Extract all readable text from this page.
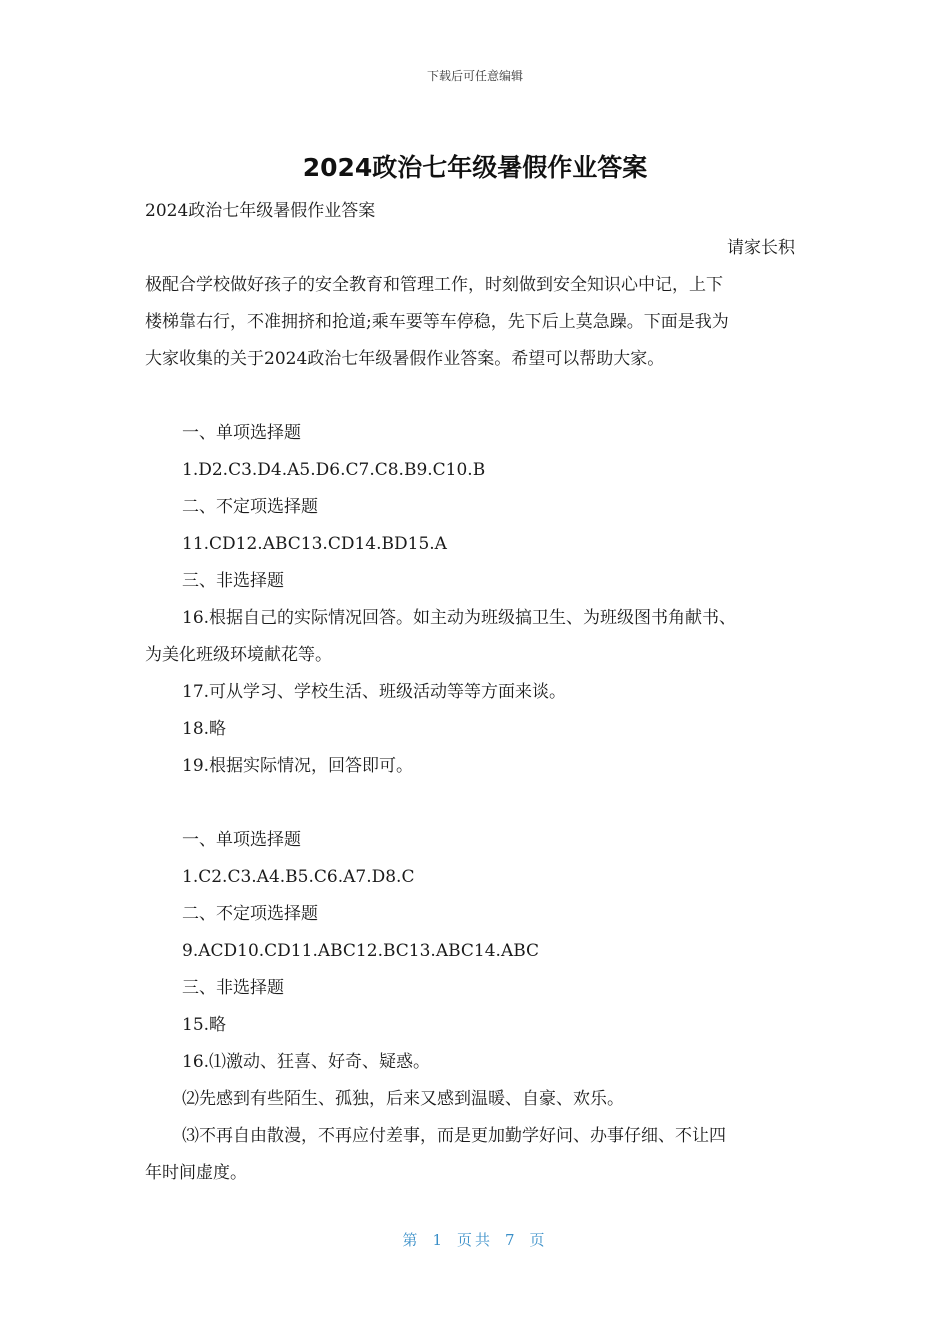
下载后可任意编辑
2024政治七年级暑假作业答案

2024政治七年级暑假作业答案

请家长积

极配合学校做好孩子的安全教育和管理工作，时刻做到安全知识心中记，上下

楼梯靠右行，不准拥挤和抢道;乘车要等车停稳，先下后上莫急躁。下面是我为

大家收集的关于2024政治七年级暑假作业答案。希望可以帮助大家。

一、单项选择题

1.D2.C3.D4.A5.D6.C7.C8.B9.C10.B

二、不定项选择题

11.CD12.ABC13.CD14.BD15.A

三、非选择题

16.根据自己的实际情况回答。如主动为班级搞卫生、为班级图书角献书、

为美化班级环境献花等。

17.可从学习、学校生活、班级活动等等方面来谈。

18.略

19.根据实际情况，回答即可。

一、单项选择题

1.C2.C3.A4.B5.C6.A7.D8.C

二、不定项选择题

9.ACD10.CD11.ABC12.BC13.ABC14.ABC

三、非选择题

15.略

16.⑴激动、狂喜、好奇、疑惑。

⑵先感到有些陌生、孤独，后来又感到温暖、自豪、欢乐。

⑶不再自由散漫，不再应付差事，而是更加勤学好问、办事仔细、不让四

年时间虚度。

第 1 页共 7 页
